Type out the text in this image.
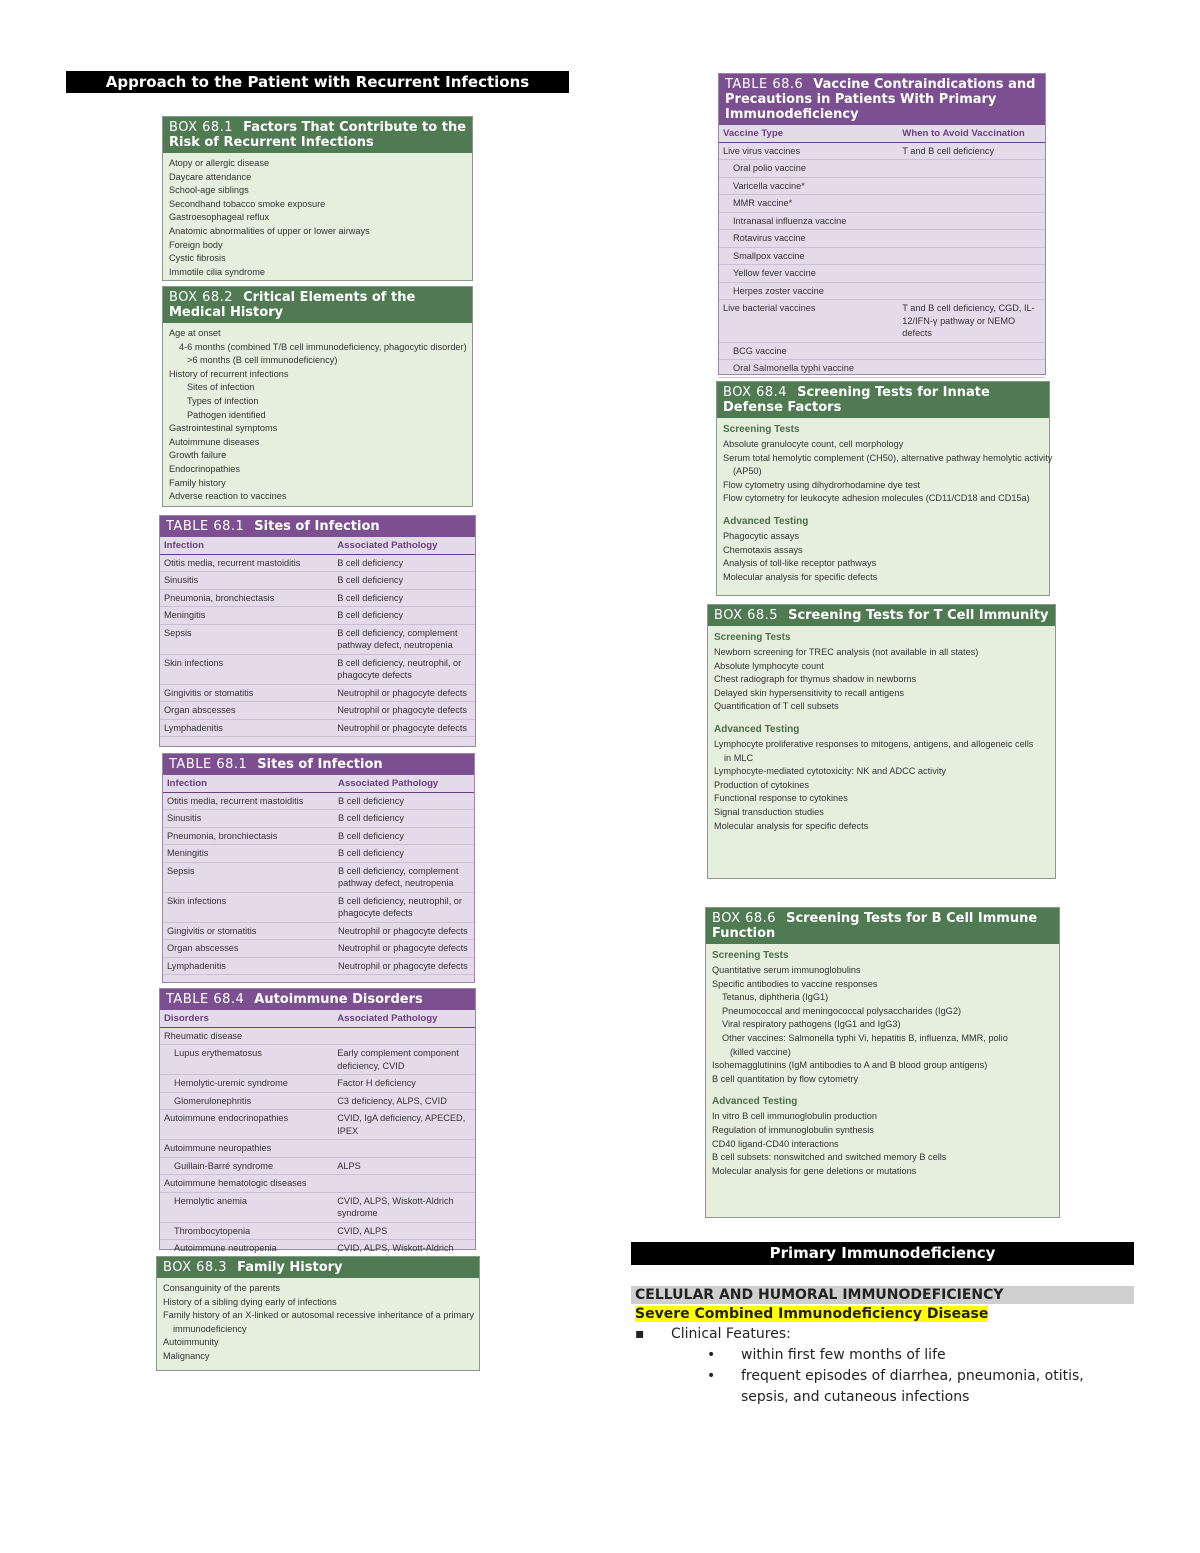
Approach to the Patient with Recurrent Infections
BOX 68.1 Factors That Contribute to the Risk of Recurrent Infections
Atopy or allergic disease
Daycare attendance
School-age siblings
Secondhand tobacco smoke exposure
Gastroesophageal reflux
Anatomic abnormalities of upper or lower airways
Foreign body
Cystic fibrosis
Immotile cilia syndrome
BOX 68.2 Critical Elements of the Medical History
Age at onset
4-6 months (combined T/B cell immunodeficiency, phagocytic disorder)
>6 months (B cell immunodeficiency)
History of recurrent infections
Sites of infection
Types of infection
Pathogen identified
Gastrointestinal symptoms
Autoimmune diseases
Growth failure
Endocrinopathies
Family history
Adverse reaction to vaccines
TABLE 68.1 Sites of Infection
Infection	Associated Pathology
Otitis media, recurrent mastoiditis	B cell deficiency
Sinusitis	B cell deficiency
Pneumonia, bronchiectasis	B cell deficiency
Meningitis	B cell deficiency
Sepsis	B cell deficiency, complement pathway defect, neutropenia
Skin infections	B cell deficiency, neutrophil, or phagocyte defects
Gingivitis or stomatitis	Neutrophil or phagocyte defects
Organ abscesses	Neutrophil or phagocyte defects
Lymphadenitis	Neutrophil or phagocyte defects
TABLE 68.1 Sites of Infection
Infection	Associated Pathology
Otitis media, recurrent mastoiditis	B cell deficiency
Sinusitis	B cell deficiency
Pneumonia, bronchiectasis	B cell deficiency
Meningitis	B cell deficiency
Sepsis	B cell deficiency, complement pathway defect, neutropenia
Skin infections	B cell deficiency, neutrophil, or phagocyte defects
Gingivitis or stomatitis	Neutrophil or phagocyte defects
Organ abscesses	Neutrophil or phagocyte defects
Lymphadenitis	Neutrophil or phagocyte defects
TABLE 68.4 Autoimmune Disorders
Disorders	Associated Pathology
Rheumatic disease	
Lupus erythematosus	Early complement component deficiency, CVID
Hemolytic-uremic syndrome	Factor H deficiency
Glomerulonephritis	C3 deficiency, ALPS, CVID
Autoimmune endocrinopathies	CVID, IgA deficiency, APECED, IPEX
Autoimmune neuropathies	
Guillain-Barré syndrome	ALPS
Autoimmune hematologic diseases	
Hemolytic anemia	CVID, ALPS, Wiskott-Aldrich syndrome
Thrombocytopenia	CVID, ALPS
Autoimmune neutropenia	CVID, ALPS, Wiskott-Aldrich
BOX 68.3 Family History
Consanguinity of the parents
History of a sibling dying early of infections
Family history of an X-linked or autosomal recessive inheritance of a primary
immunodeficiency
Autoimmunity
Malignancy
TABLE 68.6 Vaccine Contraindications and Precautions in Patients With Primary Immunodeficiency
Vaccine Type	When to Avoid Vaccination
Live virus vaccines	T and B cell deficiency
Oral polio vaccine	
Varicella vaccine*	
MMR vaccine*	
Intranasal influenza vaccine	
Rotavirus vaccine	
Smallpox vaccine	
Yellow fever vaccine	
Herpes zoster vaccine	
Live bacterial vaccines	T and B cell deficiency, CGD, IL-12/IFN-γ pathway or NEMO defects
BCG vaccine	
Oral Salmonella typhi vaccine	
BOX 68.4 Screening Tests for Innate Defense Factors
Screening Tests
Absolute granulocyte count, cell morphology
Serum total hemolytic complement (CH50), alternative pathway hemolytic activity
(AP50)
Flow cytometry using dihydrorhodamine dye test
Flow cytometry for leukocyte adhesion molecules (CD11/CD18 and CD15a)
Advanced Testing
Phagocytic assays
Chemotaxis assays
Analysis of toll-like receptor pathways
Molecular analysis for specific defects
BOX 68.5 Screening Tests for T Cell Immunity
Screening Tests
Newborn screening for TREC analysis (not available in all states)
Absolute lymphocyte count
Chest radiograph for thymus shadow in newborns
Delayed skin hypersensitivity to recall antigens
Quantification of T cell subsets
Advanced Testing
Lymphocyte proliferative responses to mitogens, antigens, and allogeneic cells
in MLC
Lymphocyte-mediated cytotoxicity: NK and ADCC activity
Production of cytokines
Functional response to cytokines
Signal transduction studies
Molecular analysis for specific defects
BOX 68.6 Screening Tests for B Cell Immune Function
Screening Tests
Quantitative serum immunoglobulins
Specific antibodies to vaccine responses
Tetanus, diphtheria (IgG1)
Pneumococcal and meningococcal polysaccharides (IgG2)
Viral respiratory pathogens (IgG1 and IgG3)
Other vaccines: Salmonella typhi Vi, hepatitis B, influenza, MMR, polio
(killed vaccine)
Isohemagglutinins (IgM antibodies to A and B blood group antigens)
B cell quantitation by flow cytometry
Advanced Testing
In vitro B cell immunoglobulin production
Regulation of immunoglobulin synthesis
CD40 ligand-CD40 interactions
B cell subsets: nonswitched and switched memory B cells
Molecular analysis for gene deletions or mutations
Primary Immunodeficiency
CELLULAR AND HUMORAL IMMUNODEFICIENCY
Severe Combined Immunodeficiency Disease
▪ Clinical Features:
• within first few months of life
• frequent episodes of diarrhea, pneumonia, otitis,
sepsis, and cutaneous infections
